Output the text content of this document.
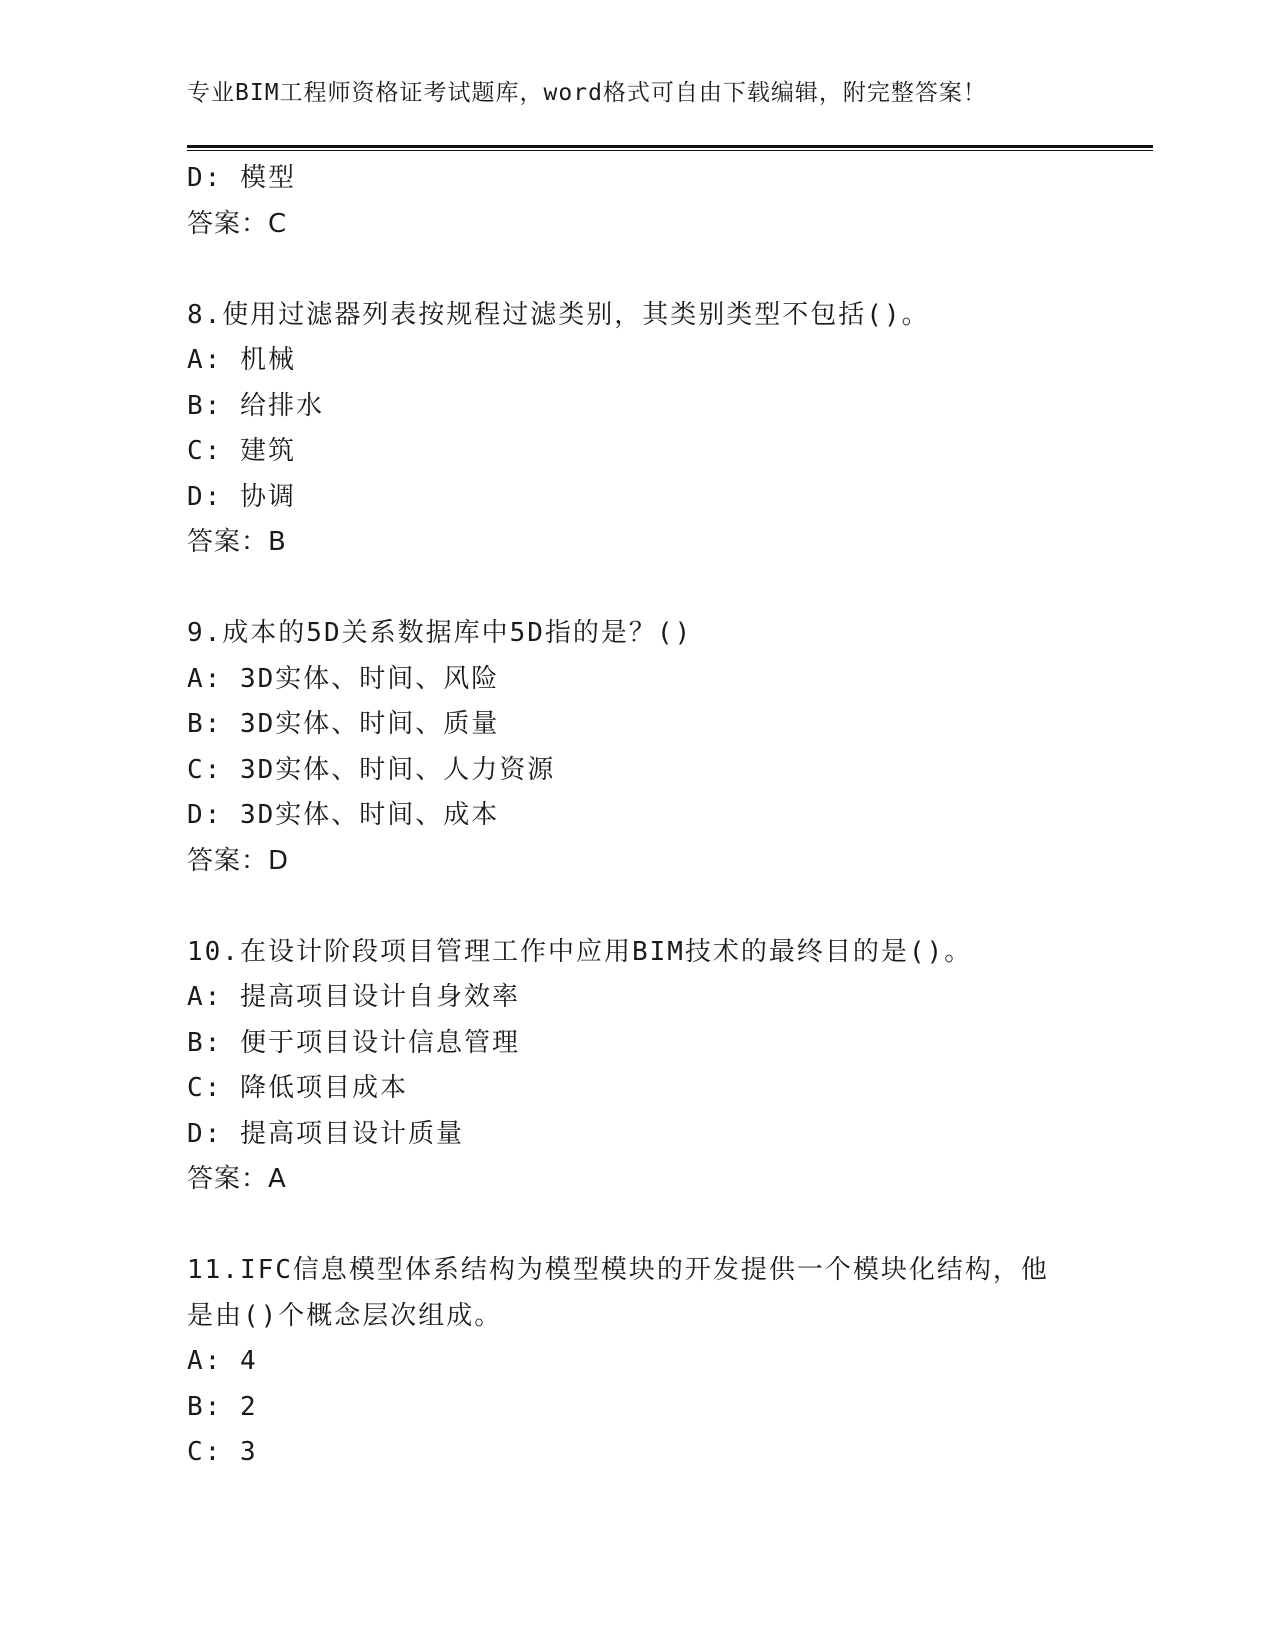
专业BIM工程师资格证考试题库，word格式可自由下载编辑，附完整答案！
D: 模型
答案：C
8.使用过滤器列表按规程过滤类别，其类别类型不包括()。
A: 机械
B: 给排水
C: 建筑
D: 协调
答案：B
9.成本的5D关系数据库中5D指的是？()
A: 3D实体、时间、风险
B: 3D实体、时间、质量
C: 3D实体、时间、人力资源
D: 3D实体、时间、成本
答案：D
10.在设计阶段项目管理工作中应用BIM技术的最终目的是()。
A: 提高项目设计自身效率
B: 便于项目设计信息管理
C: 降低项目成本
D: 提高项目设计质量
答案：A
11.IFC信息模型体系结构为模型模块的开发提供一个模块化结构，他
是由()个概念层次组成。
A: 4
B: 2
C: 3
